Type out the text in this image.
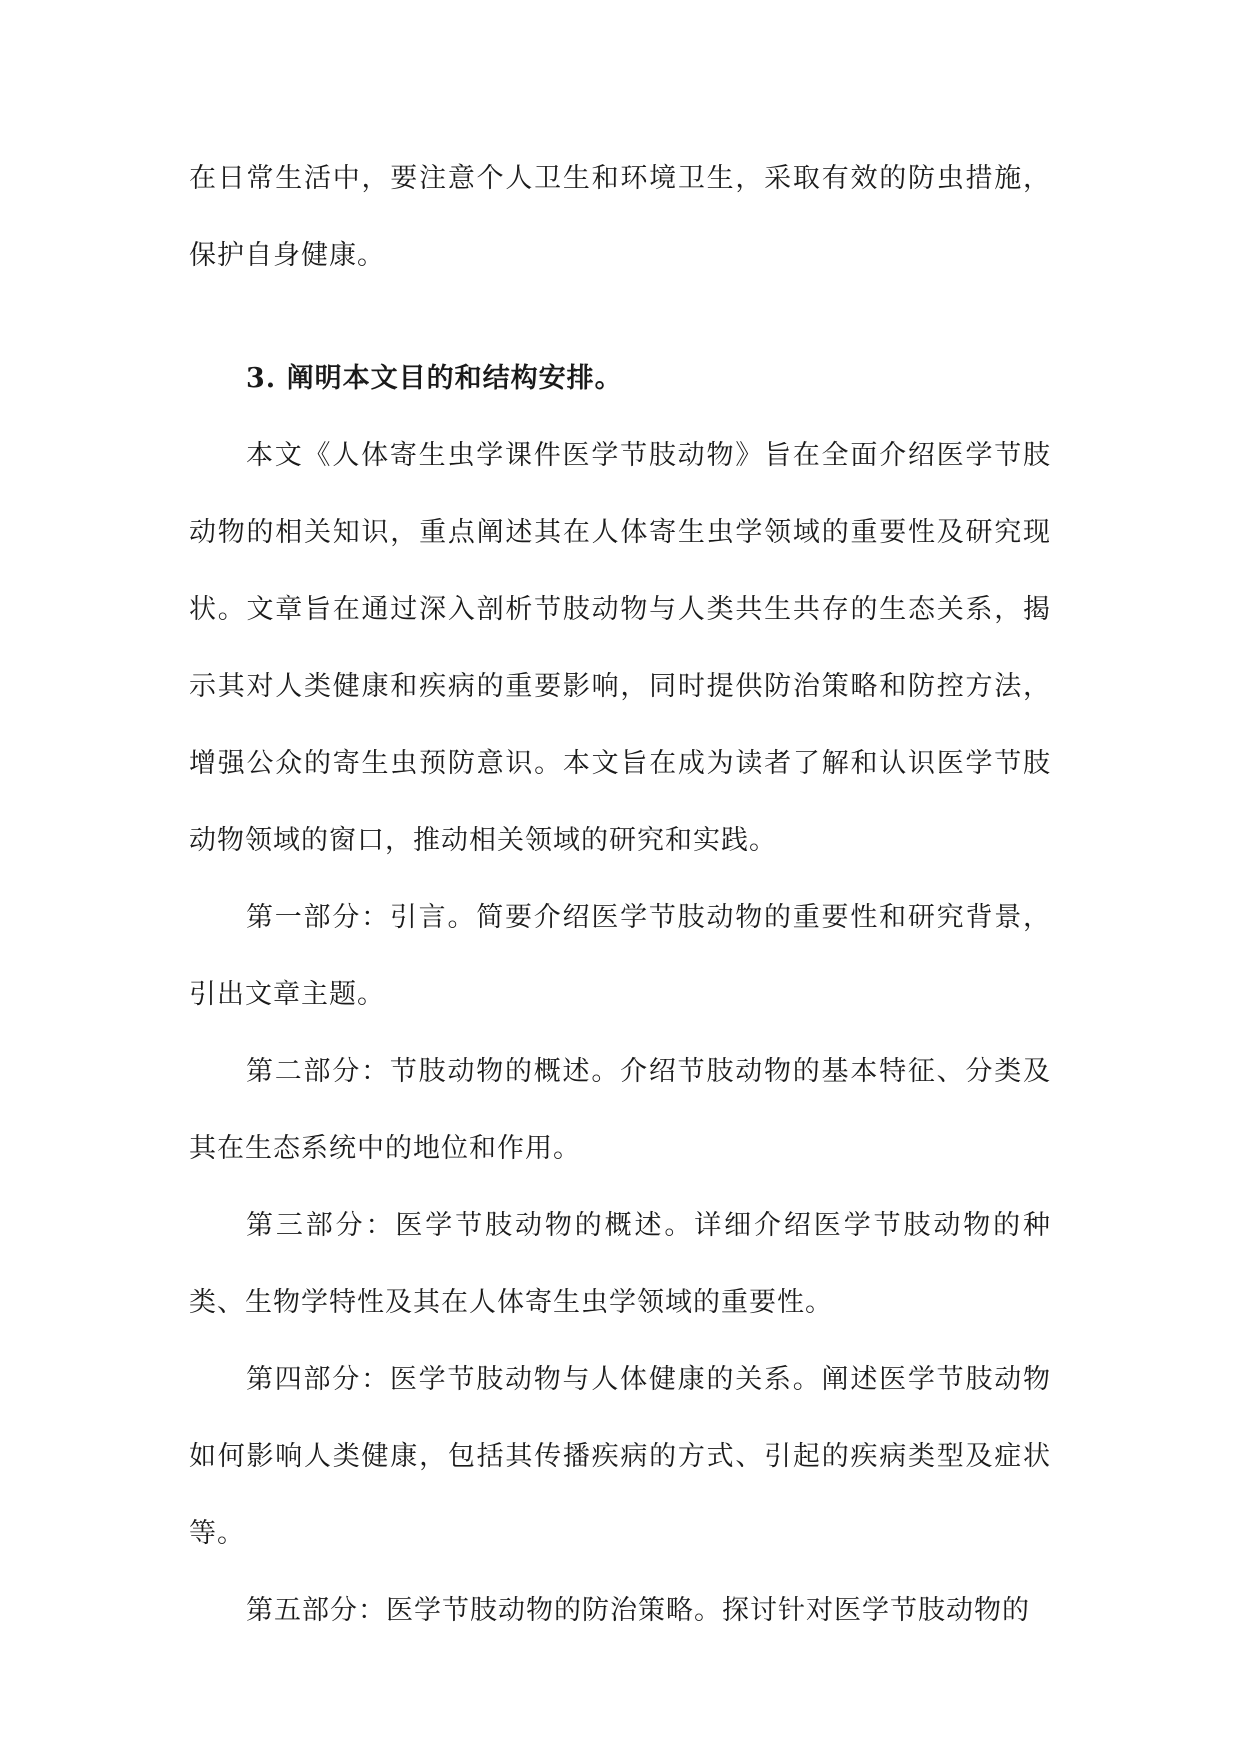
在日常生活中，要注意个人卫生和环境卫生，采取有效的防虫措施，保护自身健康。

3. 阐明本文目的和结构安排。

本文《人体寄生虫学课件医学节肢动物》旨在全面介绍医学节肢动物的相关知识，重点阐述其在人体寄生虫学领域的重要性及研究现状。文章旨在通过深入剖析节肢动物与人类共生共存的生态关系，揭示其对人类健康和疾病的重要影响，同时提供防治策略和防控方法，增强公众的寄生虫预防意识。本文旨在成为读者了解和认识医学节肢动物领域的窗口，推动相关领域的研究和实践。

第一部分：引言。简要介绍医学节肢动物的重要性和研究背景，引出文章主题。

第二部分：节肢动物的概述。介绍节肢动物的基本特征、分类及其在生态系统中的地位和作用。

第三部分：医学节肢动物的概述。详细介绍医学节肢动物的种类、生物学特性及其在人体寄生虫学领域的重要性。

第四部分：医学节肢动物与人体健康的关系。阐述医学节肢动物如何影响人类健康，包括其传播疾病的方式、引起的疾病类型及症状等。

第五部分：医学节肢动物的防治策略。探讨针对医学节肢动物的
